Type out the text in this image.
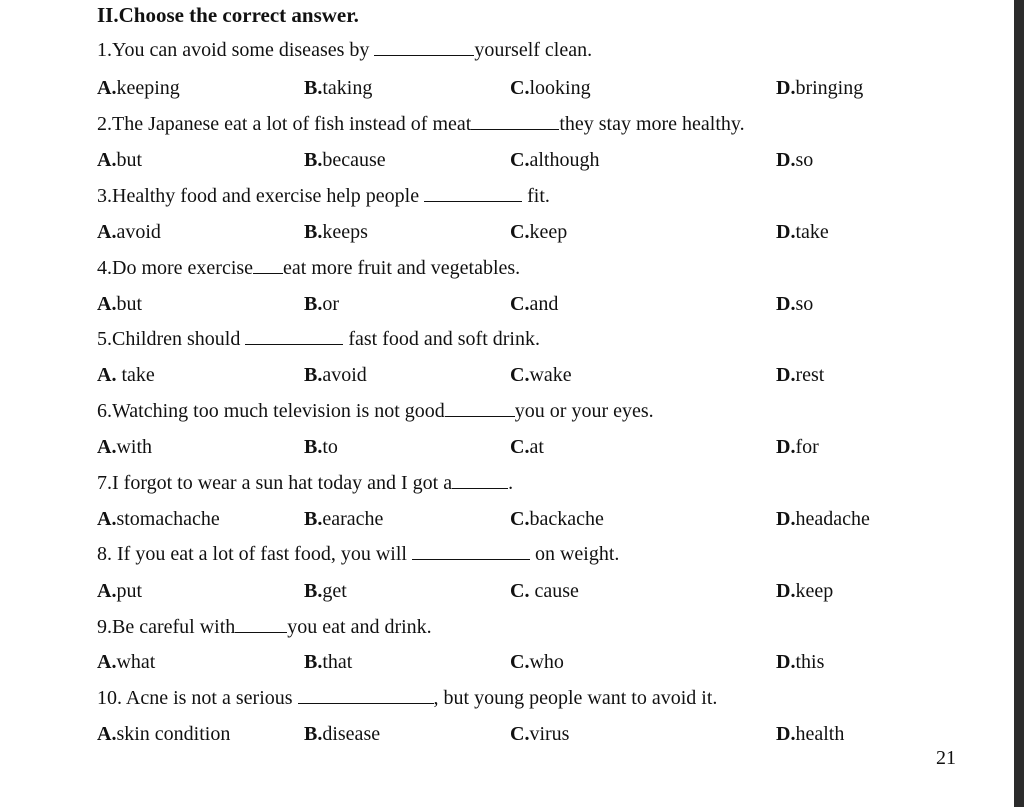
II.Choose the correct answer.
1.You can avoid some diseases by	yourself clean.
A.keeping	B.taking	C.looking	D.bringing
2.The Japanese eat a lot of fish instead of meat	they stay more healthy.
A.but	B.because	C.although	D.so
3.Healthy food and exercise help people	fit.
A.avoid	B.keeps	C.keep	D.take
4.Do more exercise eat more fruit and vegetables.
A.but	B.or	C.and	D.so
5.Children should	fast food and soft drink.
A. take	B.avoid	C.wake	D.rest
6.Watching too much television is not good	you or your eyes.
A.with	B.to	C.at	D.for
7.I forgot to wear a sun hat today and I got a	.
A.stomachache	B.earache	C.backache	D.headache
8. If you eat a lot of fast food, you will	on weight.
A.put	B.get	C. cause	D.keep
9.Be careful with	you eat and drink.
A.what	B.that	C.who	D.this
10. Acne is not a serious	, but young people want to avoid it.
A.skin condition	B.disease	C.virus	D.health
21
